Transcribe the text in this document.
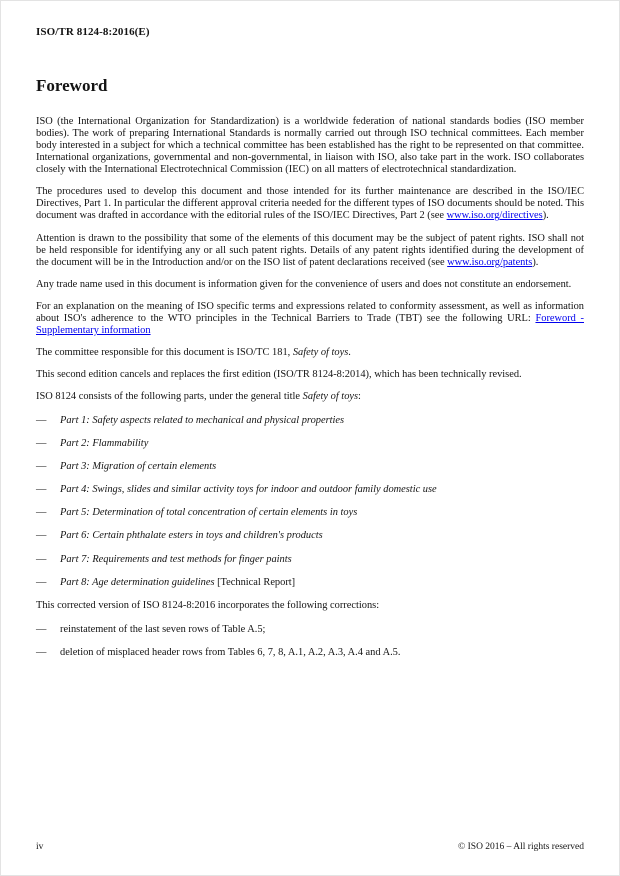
ISO/TR 8124-8:2016(E)
Foreword

ISO (the International Organization for Standardization) is a worldwide federation of national standards bodies (ISO member bodies). The work of preparing International Standards is normally carried out through ISO technical committees. Each member body interested in a subject for which a technical committee has been established has the right to be represented on that committee. International organizations, governmental and non-governmental, in liaison with ISO, also take part in the work. ISO collaborates closely with the International Electrotechnical Commission (IEC) on all matters of electrotechnical standardization.

The procedures used to develop this document and those intended for its further maintenance are described in the ISO/IEC Directives, Part 1. In particular the different approval criteria needed for the different types of ISO documents should be noted. This document was drafted in accordance with the editorial rules of the ISO/IEC Directives, Part 2 (see www.iso.org/directives).

Attention is drawn to the possibility that some of the elements of this document may be the subject of patent rights. ISO shall not be held responsible for identifying any or all such patent rights. Details of any patent rights identified during the development of the document will be in the Introduction and/or on the ISO list of patent declarations received (see www.iso.org/patents).

Any trade name used in this document is information given for the convenience of users and does not constitute an endorsement.

For an explanation on the meaning of ISO specific terms and expressions related to conformity assessment, as well as information about ISO's adherence to the WTO principles in the Technical Barriers to Trade (TBT) see the following URL: Foreword - Supplementary information

The committee responsible for this document is ISO/TC 181, Safety of toys.

This second edition cancels and replaces the first edition (ISO/TR 8124-8:2014), which has been technically revised.

ISO 8124 consists of the following parts, under the general title Safety of toys:

—	Part 1: Safety aspects related to mechanical and physical properties
—	Part 2: Flammability
—	Part 3: Migration of certain elements
—	Part 4: Swings, slides and similar activity toys for indoor and outdoor family domestic use
—	Part 5: Determination of total concentration of certain elements in toys
—	Part 6: Certain phthalate esters in toys and children's products
—	Part 7: Requirements and test methods for finger paints
—	Part 8: Age determination guidelines [Technical Report]

This corrected version of ISO 8124-8:2016 incorporates the following corrections:

—	reinstatement of the last seven rows of Table A.5;
—	deletion of misplaced header rows from Tables 6, 7, 8, A.1, A.2, A.3, A.4 and A.5.
iv	© ISO 2016 – All rights reserved
